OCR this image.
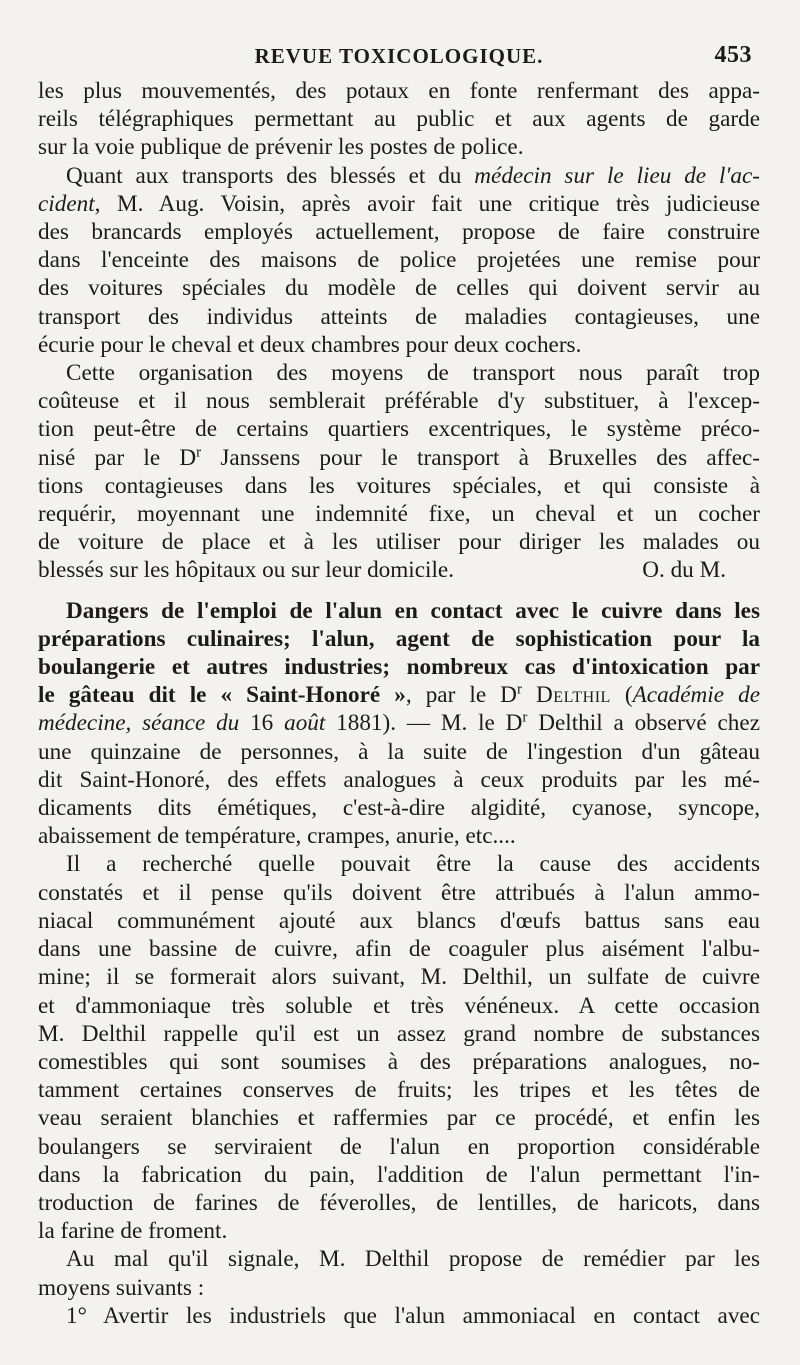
REVUE TOXICOLOGIQUE.	453

les plus mouvementés, des potaux en fonte renfermant des appa-
reils télégraphiques permettant au public et aux agents de garde
sur la voie publique de prévenir les postes de police.

Quant aux transports des blessés et du médecin sur le lieu de l'ac-
cident, M. Aug. Voisin, après avoir fait une critique très judicieuse
des brancards employés actuellement, propose de faire construire
dans l'enceinte des maisons de police projetées une remise pour
des voitures spéciales du modèle de celles qui doivent servir au
transport des individus atteints de maladies contagieuses, une
écurie pour le cheval et deux chambres pour deux cochers.

Cette organisation des moyens de transport nous paraît trop
coûteuse et il nous semblerait préférable d'y substituer, à l'excep-
tion peut-être de certains quartiers excentriques, le système préco-
nisé par le $D^r$ Janssens pour le transport à Bruxelles des affec-
tions contagieuses dans les voitures spéciales, et qui consiste à
requérir, moyennant une indemnité fixe, un cheval et un cocher
de voiture de place et à les utiliser pour diriger les malades ou
blessés sur les hôpitaux ou sur leur domicile.	O. du M.

Dangers de l'emploi de l'alun en contact avec le cuivre dans les
préparations culinaires; l'alun, agent de sophistication pour la
boulangerie et autres industries; nombreux cas d'intoxication par
le gâteau dit le « Saint-Honoré », par le $D^r$ Delthil (Académie de
médecine, séance du 16 août 1881). — M. le $D^r$ Delthil a observé chez
une quinzaine de personnes, à la suite de l'ingestion d'un gâteau
dit Saint-Honoré, des effets analogues à ceux produits par les mé-
dicaments dits émétiques, c'est-à-dire algidité, cyanose, syncope,
abaissement de température, crampes, anurie, etc....

Il a recherché quelle pouvait être la cause des accidents
constatés et il pense qu'ils doivent être attribués à l'alun ammo-
niacal communément ajouté aux blancs d'œufs battus sans eau
dans une bassine de cuivre, afin de coaguler plus aisément l'albu-
mine; il se formerait alors suivant, M. Delthil, un sulfate de cuivre
et d'ammoniaque très soluble et très vénéneux. A cette occasion
M. Delthil rappelle qu'il est un assez grand nombre de substances
comestibles qui sont soumises à des préparations analogues, no-
tamment certaines conserves de fruits; les tripes et les têtes de
veau seraient blanchies et raffermies par ce procédé, et enfin les
boulangers se serviraient de l'alun en proportion considérable
dans la fabrication du pain, l'addition de l'alun permettant l'in-
troduction de farines de féverolles, de lentilles, de haricots, dans
la farine de froment.

Au mal qu'il signale, M. Delthil propose de remédier par les
moyens suivants :

1° Avertir les industriels que l'alun ammoniacal en contact avec
